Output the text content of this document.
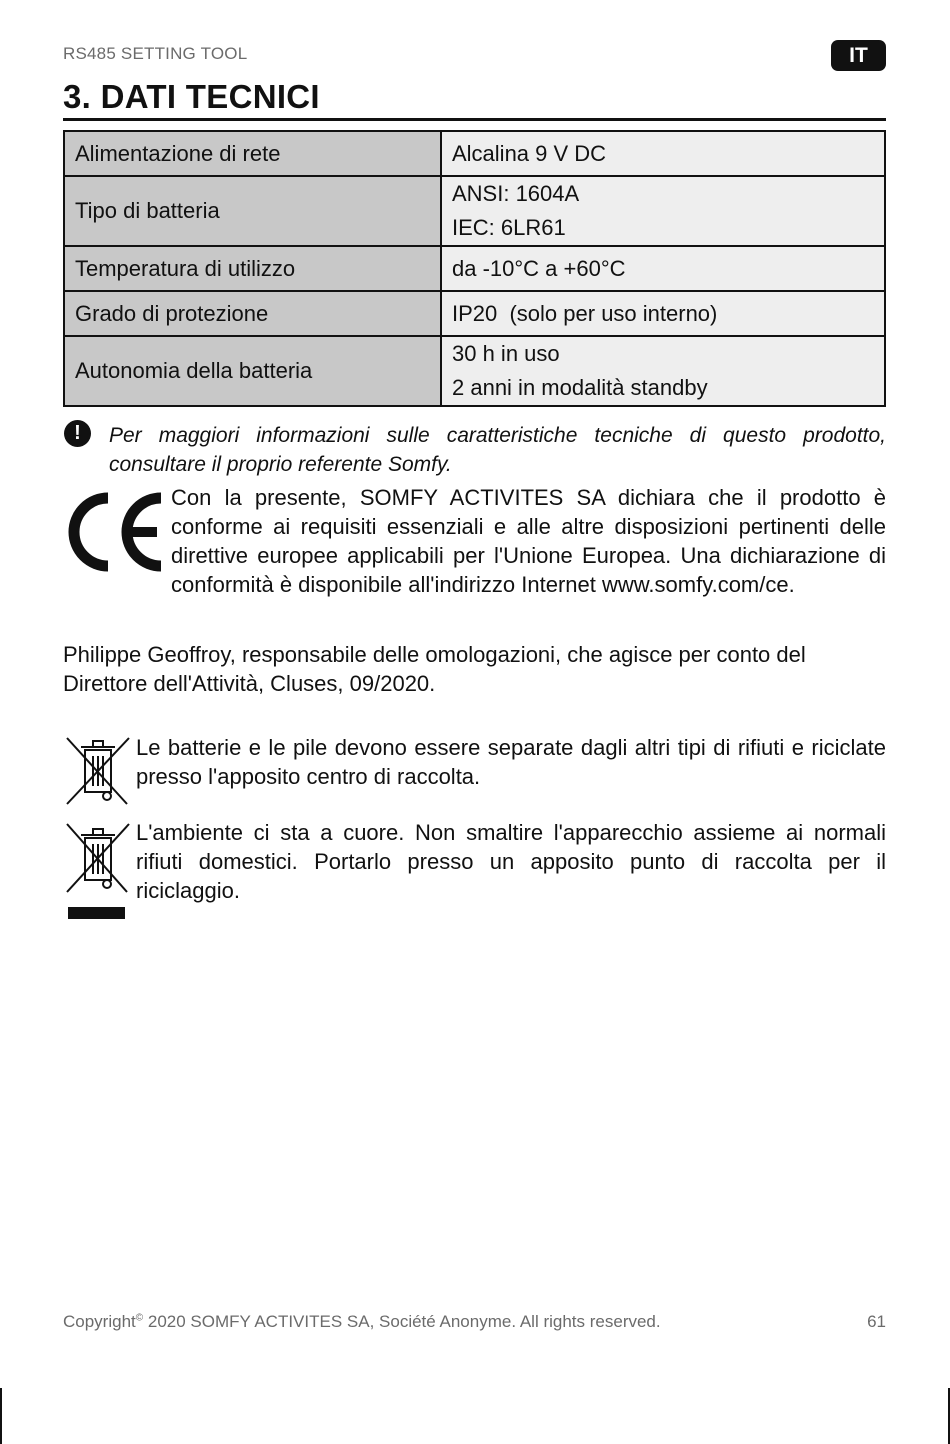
RS485 SETTING TOOL	IT
3. DATI TECNICI
Alimentazione di rete	Alcalina 9 V DC

Tipo di batteria	ANSI: 1604A
IEC: 6LR61

Temperatura di utilizzo	da -10°C a +60°C

Grado di protezione	IP20  (solo per uso interno)

Autonomia della batteria	30 h in uso
2 anni in modalità standby
!	Per maggiori informazioni sulle caratteristiche tecniche di questo prodotto, consultare il proprio referente Somfy.

Con la presente, SOMFY ACTIVITES SA dichiara che il prodotto è conforme ai requisiti essenziali e alle altre disposizioni pertinenti delle direttive europee applicabili per l'Unione Europea. Una dichiarazione di conformità è disponibile all'indirizzo Internet www.somfy.com/ce.

Philippe Geoffroy, responsabile delle omologazioni, che agisce per conto del Direttore dell'Attività, Cluses, 09/2020.

Le batterie e le pile devono essere separate dagli altri tipi di rifiuti e riciclate presso l'apposito centro di raccolta.

L'ambiente ci sta a cuore. Non smaltire l'apparecchio assieme ai normali rifiuti domestici. Portarlo presso un apposito punto di raccolta per il riciclaggio.

Copyright© 2020 SOMFY ACTIVITES SA, Société Anonyme. All rights reserved.	61
